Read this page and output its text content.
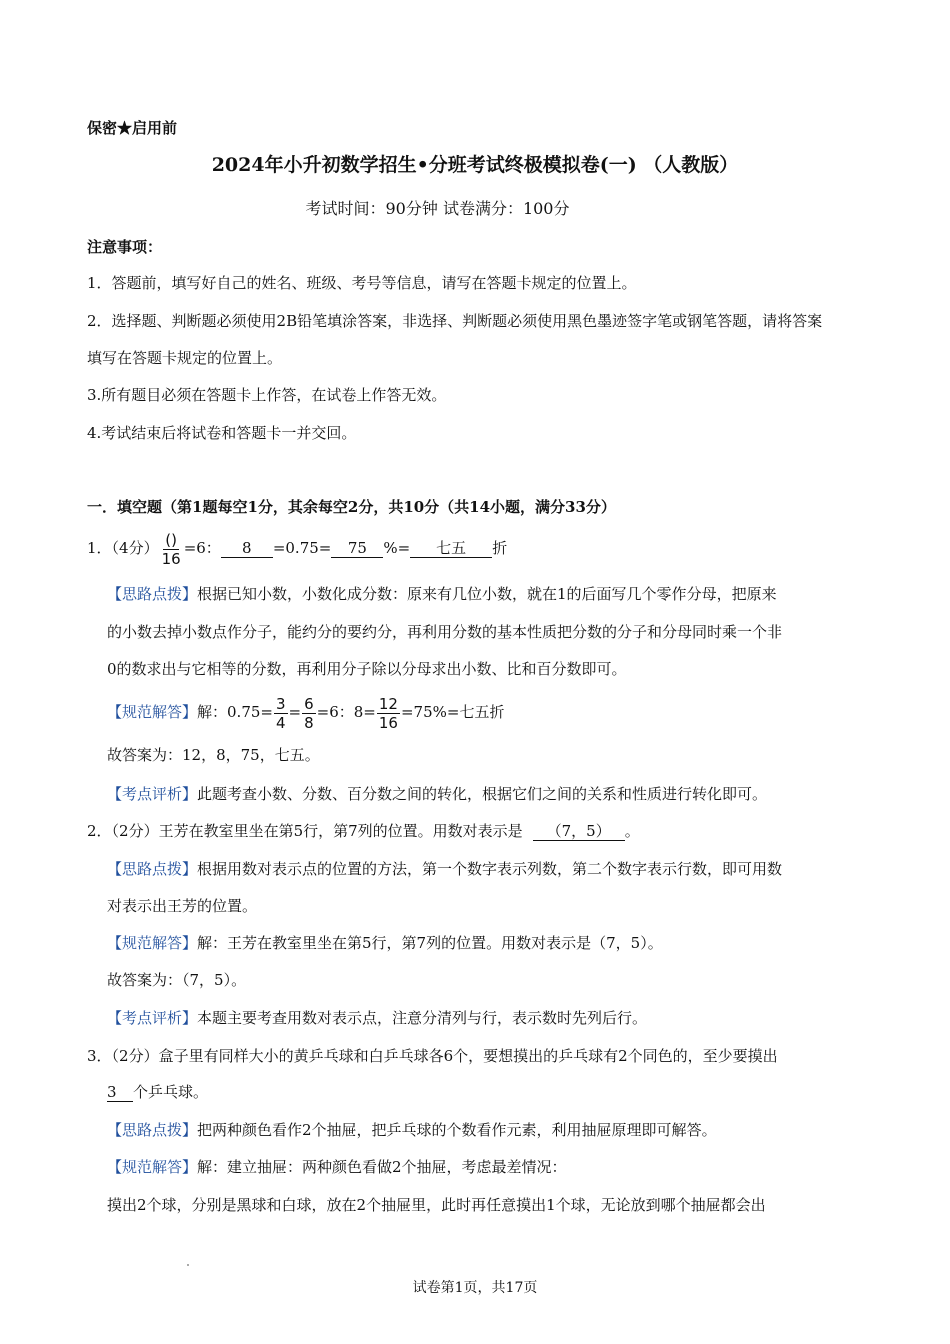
保密★启用前
2024年小升初数学招生•分班考试终极模拟卷(一) （人教版）
考试时间：90分钟 试卷满分：100分
注意事项：
1．答题前，填写好自己的姓名、班级、考号等信息，请写在答题卡规定的位置上。
2．选择题、判断题必须使用2B铅笔填涂答案，非选择、判断题必须使用黑色墨迹签字笔或钢笔答题，请将答案
填写在答题卡规定的位置上。
3.所有题目必须在答题卡上作答，在试卷上作答无效。
4.考试结束后将试卷和答题卡一并交回。
一．填空题（第1题每空1分，其余每空2分，共10分（共14小题，满分33分）
1．（4分） $\frac{()}{16} =6$： 8 =0.75= 75 %= 七五 折
【思路点拨】根据已知小数，小数化成分数：原来有几位小数，就在1的后面写几个零作分母，把原来
的小数去掉小数点作分子，能约分的要约分，再利用分数的基本性质把分数的分子和分母同时乘一个非
0的数求出与它相等的分数，再利用分子除以分母求出小数、比和百分数即可。
【规范解答】解：$0.75= \frac{3}{4} = \frac{6}{8} =6$：$8= \frac{12}{16} =75\%=$七五折
故答案为：12，8，75，七五。
【考点评析】此题考查小数、分数、百分数之间的转化，根据它们之间的关系和性质进行转化即可。
2．（2分）王芳在教室里坐在第5行，第7列的位置。用数对表示是 （7，5） 。
【思路点拨】根据用数对表示点的位置的方法，第一个数字表示列数，第二个数字表示行数，即可用数
对表示出王芳的位置。
【规范解答】解：王芳在教室里坐在第5行，第7列的位置。用数对表示是（7，5）。
故答案为：（7，5）。
【考点评析】本题主要考查用数对表示点，注意分清列与行，表示数时先列后行。
3．（2分）盒子里有同样大小的黄乒乓球和白乒乓球各6个，要想摸出的乒乓球有2个同色的，至少要摸出
3 个乒乓球。
【思路点拨】把两种颜色看作2个抽屉，把乒乓球的个数看作元素，利用抽屉原理即可解答。
【规范解答】解：建立抽屉：两种颜色看做2个抽屉，考虑最差情况：
摸出2个球，分别是黑球和白球，放在2个抽屉里，此时再任意摸出1个球，无论放到哪个抽屉都会出
试卷第1页，共17页
